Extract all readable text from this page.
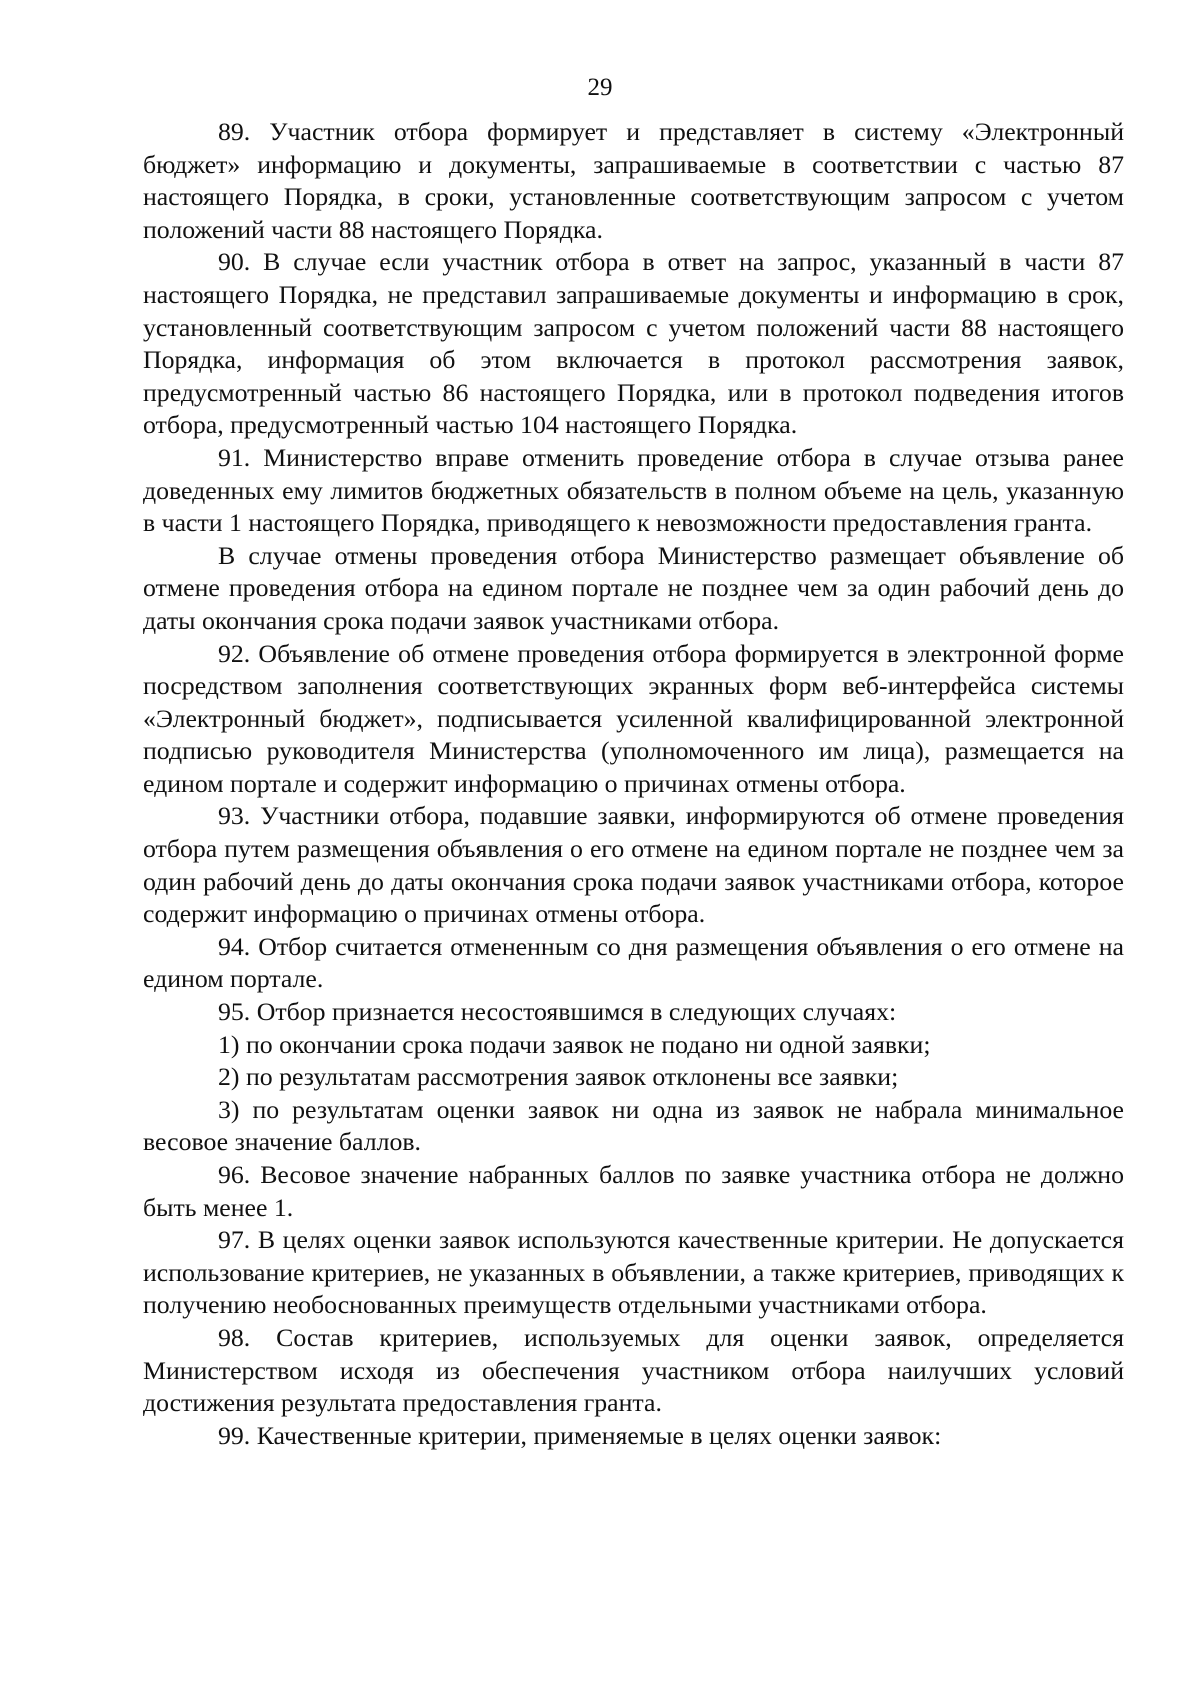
29

89. Участник отбора формирует и представляет в систему «Электронный бюджет» информацию и документы, запрашиваемые в соответствии с частью 87 настоящего Порядка, в сроки, установленные соответствующим запросом с учетом положений части 88 настоящего Порядка.

90. В случае если участник отбора в ответ на запрос, указанный в части 87 настоящего Порядка, не представил запрашиваемые документы и информацию в срок, установленный соответствующим запросом с учетом положений части 88 настоящего Порядка, информация об этом включается в протокол рассмотрения заявок, предусмотренный частью 86 настоящего Порядка, или в протокол подведения итогов отбора, предусмотренный частью 104 настоящего Порядка.

91. Министерство вправе отменить проведение отбора в случае отзыва ранее доведенных ему лимитов бюджетных обязательств в полном объеме на цель, указанную в части 1 настоящего Порядка, приводящего к невозможности предоставления гранта.

В случае отмены проведения отбора Министерство размещает объявление об отмене проведения отбора на едином портале не позднее чем за один рабочий день до даты окончания срока подачи заявок участниками отбора.

92. Объявление об отмене проведения отбора формируется в электронной форме посредством заполнения соответствующих экранных форм веб-интерфейса системы «Электронный бюджет», подписывается усиленной квалифицированной электронной подписью руководителя Министерства (уполномоченного им лица), размещается на едином портале и содержит информацию о причинах отмены отбора.

93. Участники отбора, подавшие заявки, информируются об отмене проведения отбора путем размещения объявления о его отмене на едином портале не позднее чем за один рабочий день до даты окончания срока подачи заявок участниками отбора, которое содержит информацию о причинах отмены отбора.

94. Отбор считается отмененным со дня размещения объявления о его отмене на едином портале.

95. Отбор признается несостоявшимся в следующих случаях:

1) по окончании срока подачи заявок не подано ни одной заявки;

2) по результатам рассмотрения заявок отклонены все заявки;

3) по результатам оценки заявок ни одна из заявок не набрала минимальное весовое значение баллов.

96. Весовое значение набранных баллов по заявке участника отбора не должно быть менее 1.

97. В целях оценки заявок используются качественные критерии. Не допускается использование критериев, не указанных в объявлении, а также критериев, приводящих к получению необоснованных преимуществ отдельными участниками отбора.

98. Состав критериев, используемых для оценки заявок, определяется Министерством исходя из обеспечения участником отбора наилучших условий достижения результата предоставления гранта.

99. Качественные критерии, применяемые в целях оценки заявок:
